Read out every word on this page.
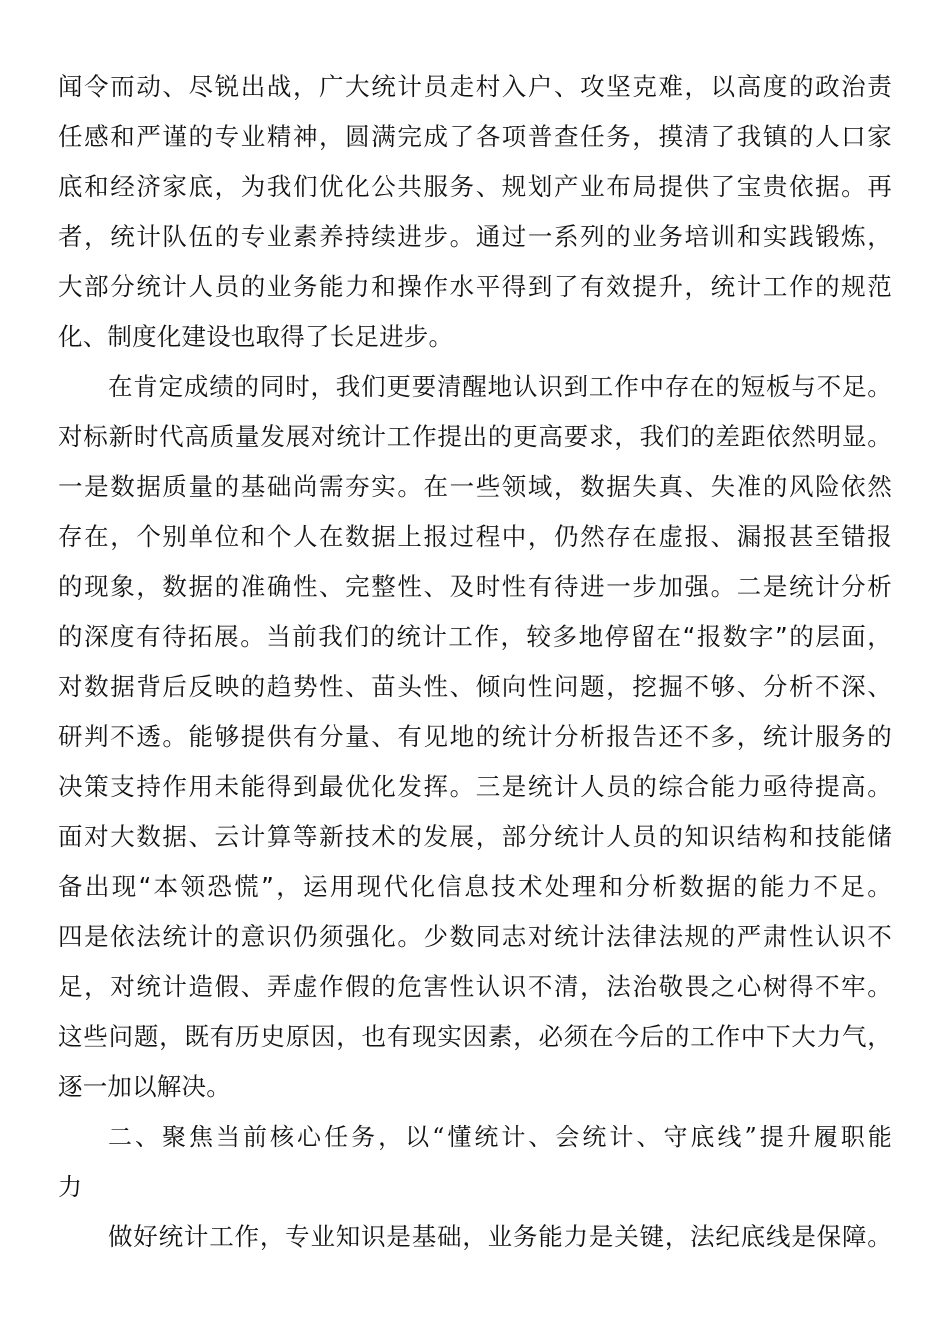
闻令而动、尽锐出战，广大统计员走村入户、攻坚克难，以高度的政治责
任感和严谨的专业精神，圆满完成了各项普查任务，摸清了我镇的人口家
底和经济家底，为我们优化公共服务、规划产业布局提供了宝贵依据。再
者，统计队伍的专业素养持续进步。通过一系列的业务培训和实践锻炼，
大部分统计人员的业务能力和操作水平得到了有效提升，统计工作的规范
化、制度化建设也取得了长足进步。
在肯定成绩的同时，我们更要清醒地认识到工作中存在的短板与不足。
对标新时代高质量发展对统计工作提出的更高要求，我们的差距依然明显。
一是数据质量的基础尚需夯实。在一些领域，数据失真、失准的风险依然
存在，个别单位和个人在数据上报过程中，仍然存在虚报、漏报甚至错报
的现象，数据的准确性、完整性、及时性有待进一步加强。二是统计分析
的深度有待拓展。当前我们的统计工作，较多地停留在“报数字”的层面，
对数据背后反映的趋势性、苗头性、倾向性问题，挖掘不够、分析不深、
研判不透。能够提供有分量、有见地的统计分析报告还不多，统计服务的
决策支持作用未能得到最优化发挥。三是统计人员的综合能力亟待提高。
面对大数据、云计算等新技术的发展，部分统计人员的知识结构和技能储
备出现“本领恐慌”，运用现代化信息技术处理和分析数据的能力不足。
四是依法统计的意识仍须强化。少数同志对统计法律法规的严肃性认识不
足，对统计造假、弄虚作假的危害性认识不清，法治敬畏之心树得不牢。
这些问题，既有历史原因，也有现实因素，必须在今后的工作中下大力气，
逐一加以解决。
二、聚焦当前核心任务，以“懂统计、会统计、守底线”提升履职能
力
做好统计工作，专业知识是基础，业务能力是关键，法纪底线是保障。
